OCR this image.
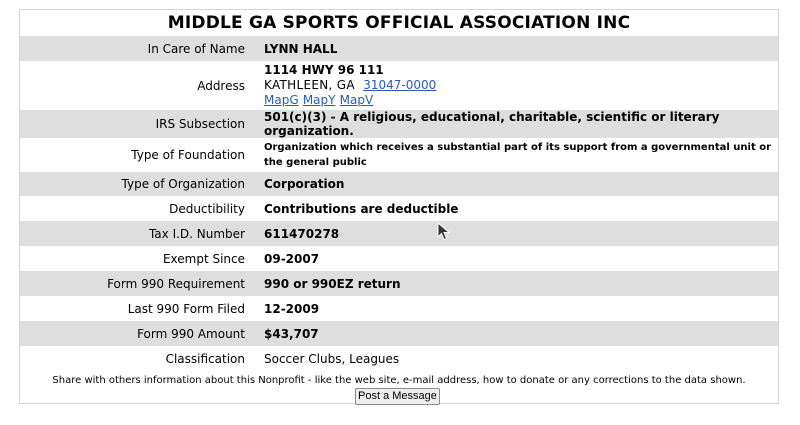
MIDDLE GA SPORTS OFFICIAL ASSOCIATION INC
In Care of Name	LYNN HALL
Address	1114 HWY 96 111
KATHLEEN, GA 31047-0000
MapG MapY MapV

IRS Subsection	501(c)(3) - A religious, educational, charitable, scientific or literary organization.
Type of Foundation	Organization which receives a substantial part of its support from a governmental unit or the general public
Type of Organization	Corporation
Deductibility	Contributions are deductible
Tax I.D. Number	611470278
Exempt Since	09-2007
Form 990 Requirement	990 or 990EZ return
Last 990 Form Filed	12-2009
Form 990 Amount	$43,707
Classification	Soccer Clubs, Leagues
Share with others information about this Nonprofit - like the web site, e-mail address, how to donate or any corrections to the data shown.
Post a Message
